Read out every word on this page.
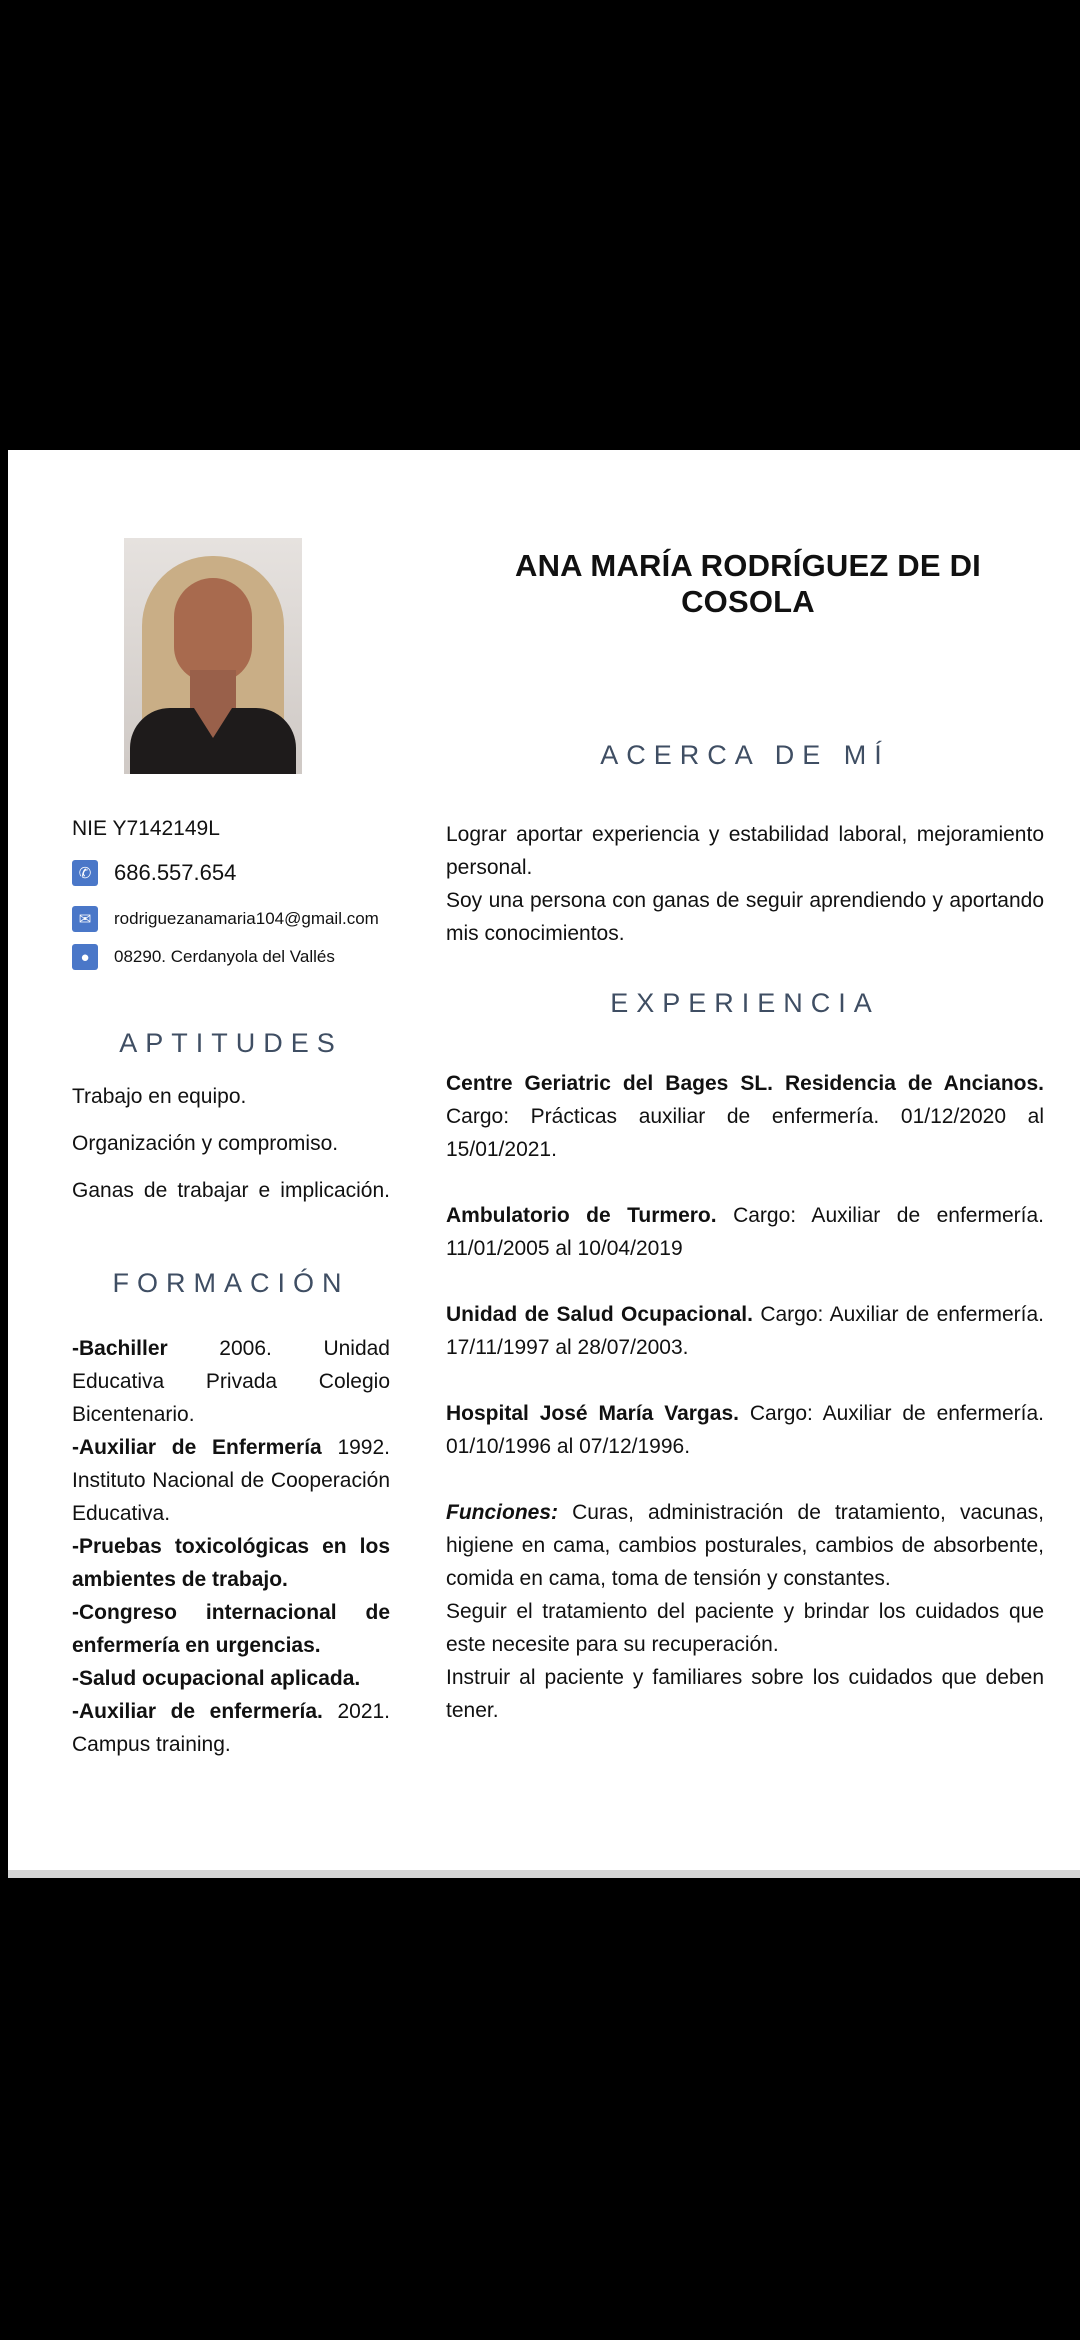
ANA MARÍA RODRÍGUEZ DE DI COSOLA
NIE Y7142149L
✆	686.557.654
✉	rodriguezanamaria104@gmail.com
●	08290. Cerdanyola del Vallés
APTITUDES
Trabajo en equipo.
Organización y compromiso.
Ganas de trabajar e implicación.
FORMACIÓN
-Bachiller 2006. Unidad Educativa Privada Colegio Bicentenario.
-Auxiliar de Enfermería 1992. Instituto Nacional de Cooperación Educativa.
-Pruebas toxicológicas en los ambientes de trabajo.
-Congreso internacional de enfermería en urgencias.
-Salud ocupacional aplicada.
-Auxiliar de enfermería. 2021. Campus training.
ACERCA DE MÍ
Lograr aportar experiencia y estabilidad laboral, mejoramiento personal.
Soy una persona con ganas de seguir aprendiendo y aportando mis conocimientos.
EXPERIENCIA
Centre Geriatric del Bages SL. Residencia de Ancianos. Cargo: Prácticas auxiliar de enfermería. 01/12/2020 al 15/01/2021.
Ambulatorio de Turmero. Cargo: Auxiliar de enfermería. 11/01/2005 al 10/04/2019
Unidad de Salud Ocupacional. Cargo: Auxiliar de enfermería. 17/11/1997 al 28/07/2003.
Hospital José María Vargas. Cargo: Auxiliar de enfermería. 01/10/1996 al 07/12/1996.
Funciones: Curas, administración de tratamiento, vacunas, higiene en cama, cambios posturales, cambios de absorbente, comida en cama, toma de tensión y constantes.
Seguir el tratamiento del paciente y brindar los cuidados que este necesite para su recuperación.
Instruir al paciente y familiares sobre los cuidados que deben tener.
